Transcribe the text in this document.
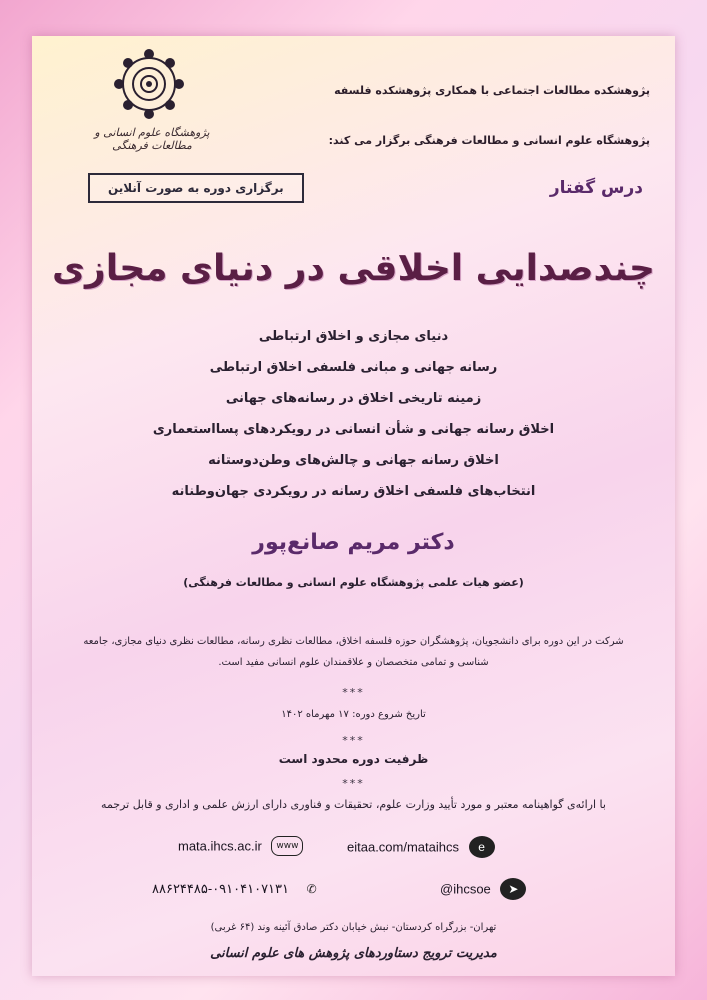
پژوهشکده مطالعات اجتماعی با همکاری پژوهشکده فلسفه
پژوهشگاه علوم انسانی و مطالعات فرهنگی برگزار می کند:
پژوهشگاه علوم انسانی و مطالعات فرهنگی
برگزاری دوره به صورت آنلاین	درس گفتار
چندصدایی اخلاقی در دنیای مجازی
دنیای مجازی و اخلاق ارتباطی
رسانه جهانی و مبانی فلسفی اخلاق ارتباطی
زمینه تاریخی اخلاق در رسانه‌های جهانی
اخلاق رسانه جهانی و شأن انسانی در رویکردهای پسااستعماری
اخلاق رسانه جهانی و چالش‌های وطن‌دوستانه
انتخاب‌های فلسفی اخلاق رسانه در رویکردی جهان‌وطنانه
دکتر مریم صانع‌پور
(عضو هیات علمی پژوهشگاه علوم انسانی و مطالعات فرهنگی)
شرکت در این دوره برای دانشجویان، پژوهشگران حوزه فلسفه اخلاق، مطالعات نظری رسانه، مطالعات نظری دنیای مجازی، جامعه شناسی و تمامی متخصصان و علاقمندان علوم انسانی مفید است.
***
تاریخ شروع دوره: ۱۷ مهرماه ۱۴۰۲
***
ظرفیت دوره محدود است
***
با ارائه‌ی گواهینامه معتبر و مورد تأیید وزارت علوم، تحقیقات و فناوری دارای ارزش علمی و اداری و قابل ترجمه
mata.ihcs.ac.ir www	eitaa.com/mataihcs e
۸۸۶۲۴۴۸۵-۰۹۱۰۴۱۰۷۱۳۱ ✆	@ihcsoe ➤
تهران- بزرگراه کردستان- نبش خیابان دکتر صادق آئینه وند (۶۴ غربی)
مدیریت ترویج دستاوردهای پژوهش های علوم انسانی
